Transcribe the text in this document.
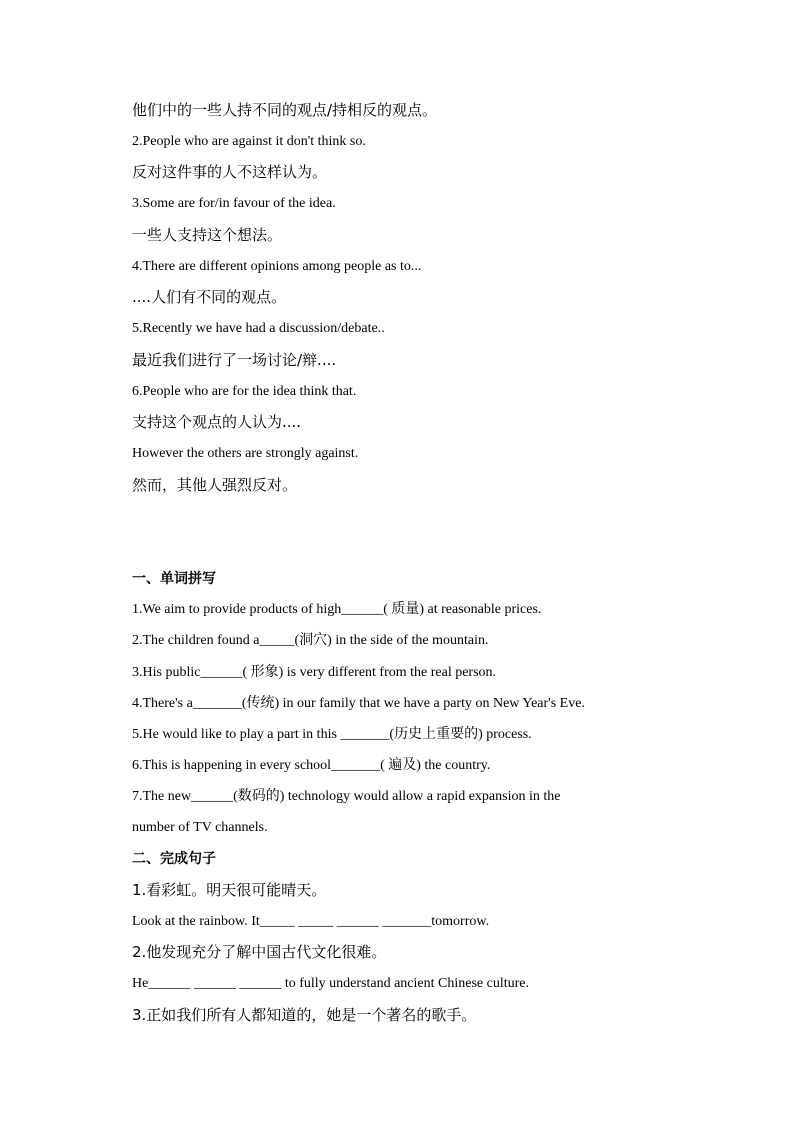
他们中的一些人持不同的观点/持相反的观点。
2.People who are against it don't think so.
反对这件事的人不这样认为。
3.Some are for/in favour of the idea.
一些人支持这个想法。
4.There are different opinions among people as to...
....人们有不同的观点。
5.Recently we have had a discussion/debate..
最近我们进行了一场讨论/辩....
6.People who are for the idea think that.
支持这个观点的人认为....
However the others are strongly against.
然而，其他人强烈反对。
一、单词拼写
1.We aim to provide products of high______( 质量) at reasonable prices.
2.The children found a_____(洞穴) in the side of the mountain.
3.His public______( 形象) is very different from the real person.
4.There's a_______(传统) in our family that we have a party on New Year's Eve.
5.He would like to play a part in this _______(历史上重要的) process.
6.This is happening in every school_______( 遍及) the country.
7.The new______(数码的) technology would allow a rapid expansion in the
number of TV channels.
二、完成句子
1.看彩虹。明天很可能晴天。
Look at the rainbow. It_____ _____ ______ _______tomorrow.
2.他发现充分了解中国古代文化很难。
He______ ______ ______ to fully understand ancient Chinese culture.
3.正如我们所有人都知道的，她是一个著名的歌手。
